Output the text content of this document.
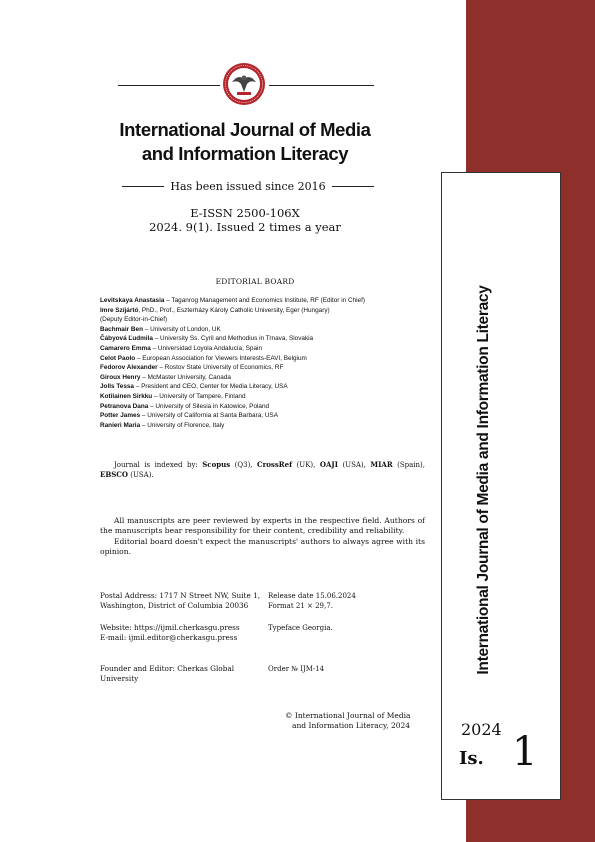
International Journal of Media and Information Literacy
2024
Is. 1
International Journal of Media
and Information Literacy
Has been issued since 2016
E-ISSN 2500-106X
2024. 9(1). Issued 2 times a year
EDITORIAL BOARD
Levitskaya Anastasia – Taganrog Management and Economics Institute, RF (Editor in Chief)
Imre Szíjártó, PhD., Prof., Eszterházy Károly Catholic University, Eger (Hungary)
(Deputy Editor-in-Chief)
Bachmair Ben – University of London, UK
Čábyová Ľudmila – University Ss. Cyril and Methodius in Trnava, Slovakia
Camarero Emma – Universidad Loyola Andalucía, Spain
Celot Paolo – European Association for Viewers Interests-EAVI, Belgium
Fedorov Alexander – Rostov State University of Economics, RF
Giroux Henry – McMaster University, Canada
Jolls Tessa – President and CEO, Center for Media Literacy, USA
Kotilainen Sirkku – University of Tampere, Finland
Petranova Dana – University of Silesia in Katowice, Poland
Potter James – University of California at Santa Barbara, USA
Ranieri Maria – University of Florence, Italy
Journal is indexed by: Scopus (Q3), CrossRef (UK), OAJI (USA), MIAR (Spain), EBSCO (USA).

All manuscripts are peer reviewed by experts in the respective field. Authors of the manuscripts bear responsibility for their content, credibility and reliability.

Editorial board doesn't expect the manuscripts' authors to always agree with its opinion.

Postal Address: 1717 N Street NW, Suite 1,
Washington, District of Columbia 20036
Website: https://ijmil.cherkasgu.press
E-mail: ijmil.editor@cherkasgu.press
Founder and Editor: Cherkas Global
University
Release date 15.06.2024
Format 21 × 29,7.
Typeface Georgia.
Order № IJM-14
© International Journal of Media
and Information Literacy, 2024
